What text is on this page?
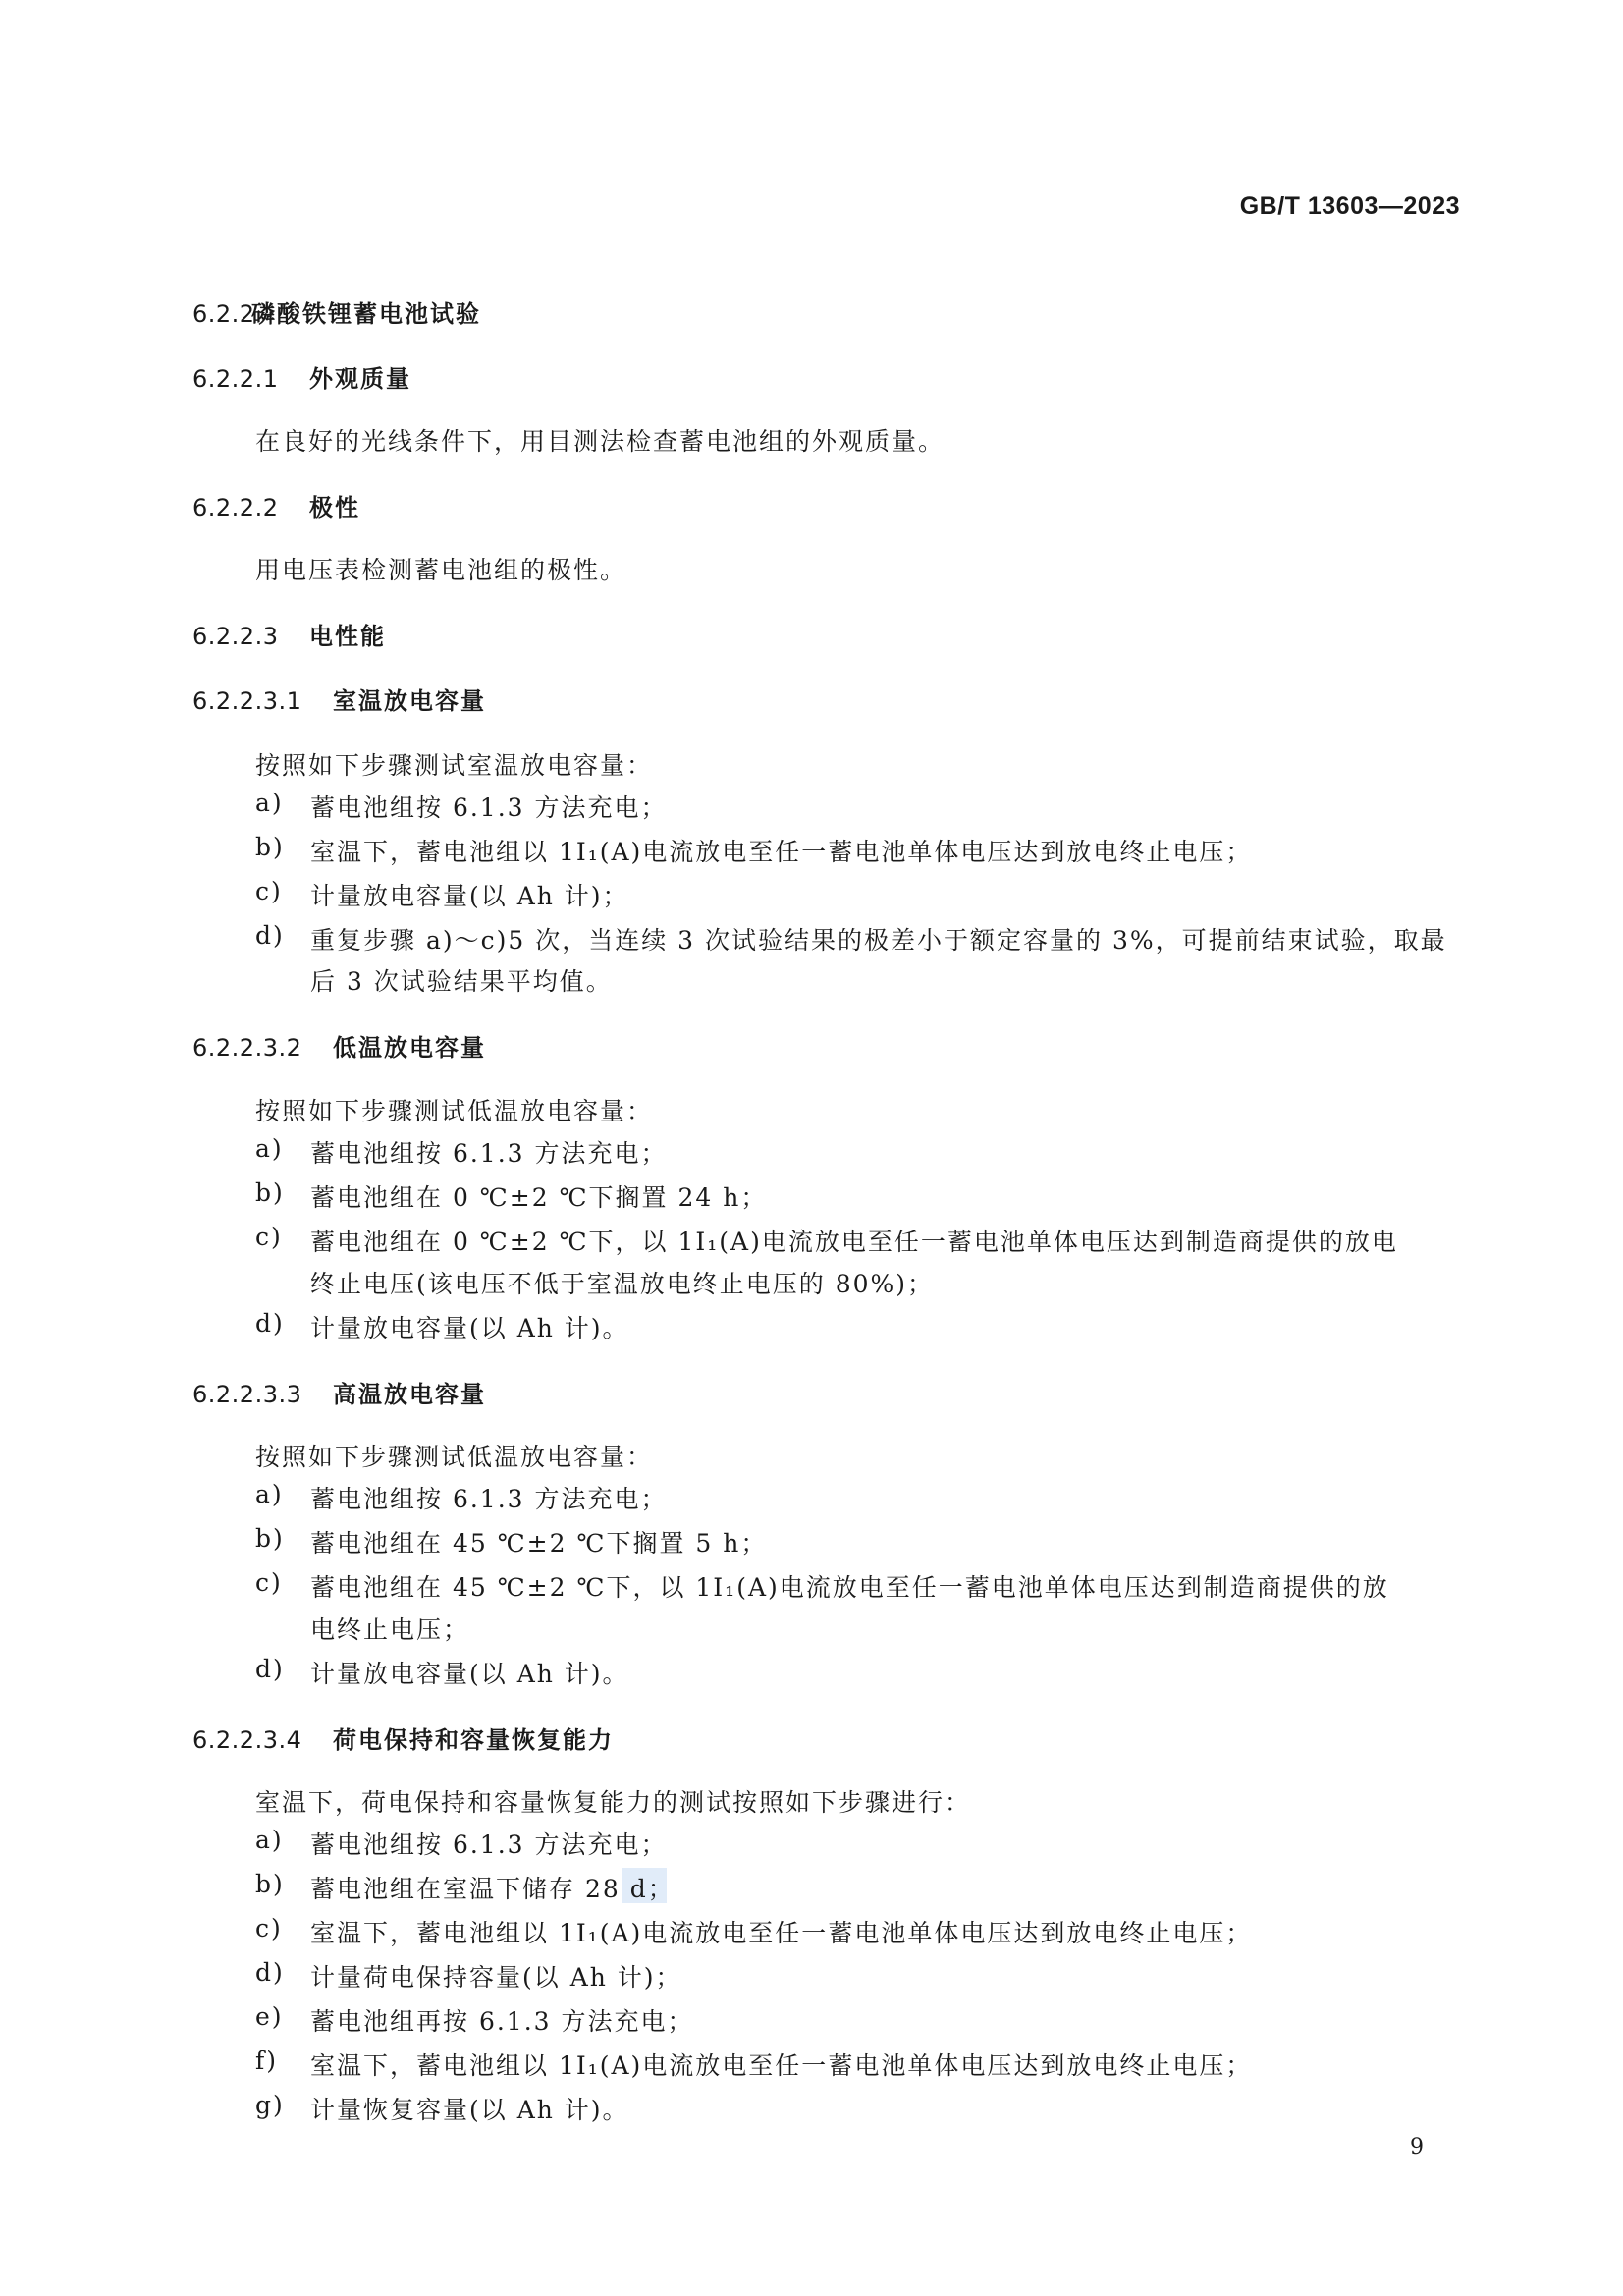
GB/T 13603—2023
6.2.2磷酸铁锂蓄电池试验
6.2.2.1 外观质量
在良好的光线条件下，用目测法检查蓄电池组的外观质量。
6.2.2.2 极性
用电压表检测蓄电池组的极性。
6.2.2.3 电性能
6.2.2.3.1 室温放电容量
按照如下步骤测试室温放电容量：
a) 蓄电池组按 6.1.3 方法充电；
b) 室温下，蓄电池组以 1I₁(A)电流放电至任一蓄电池单体电压达到放电终止电压；
c) 计量放电容量(以 Ah 计)；
d) 重复步骤 a)～c)5 次，当连续 3 次试验结果的极差小于额定容量的 3%，可提前结束试验，取最
后 3 次试验结果平均值。
6.2.2.3.2 低温放电容量
按照如下步骤测试低温放电容量：
a) 蓄电池组按 6.1.3 方法充电；
b) 蓄电池组在 0 ℃±2 ℃下搁置 24 h；
c) 蓄电池组在 0 ℃±2 ℃下，以 1I₁(A)电流放电至任一蓄电池单体电压达到制造商提供的放电
终止电压(该电压不低于室温放电终止电压的 80%)；
d) 计量放电容量(以 Ah 计)。
6.2.2.3.3 高温放电容量
按照如下步骤测试低温放电容量：
a) 蓄电池组按 6.1.3 方法充电；
b) 蓄电池组在 45 ℃±2 ℃下搁置 5 h；
c) 蓄电池组在 45 ℃±2 ℃下，以 1I₁(A)电流放电至任一蓄电池单体电压达到制造商提供的放
电终止电压；
d) 计量放电容量(以 Ah 计)。
6.2.2.3.4 荷电保持和容量恢复能力
室温下，荷电保持和容量恢复能力的测试按照如下步骤进行：
a) 蓄电池组按 6.1.3 方法充电；
b) 蓄电池组在室温下储存 28 d；
c) 室温下，蓄电池组以 1I₁(A)电流放电至任一蓄电池单体电压达到放电终止电压；
d) 计量荷电保持容量(以 Ah 计)；
e) 蓄电池组再按 6.1.3 方法充电；
f) 室温下，蓄电池组以 1I₁(A)电流放电至任一蓄电池单体电压达到放电终止电压；
g) 计量恢复容量(以 Ah 计)。
9
